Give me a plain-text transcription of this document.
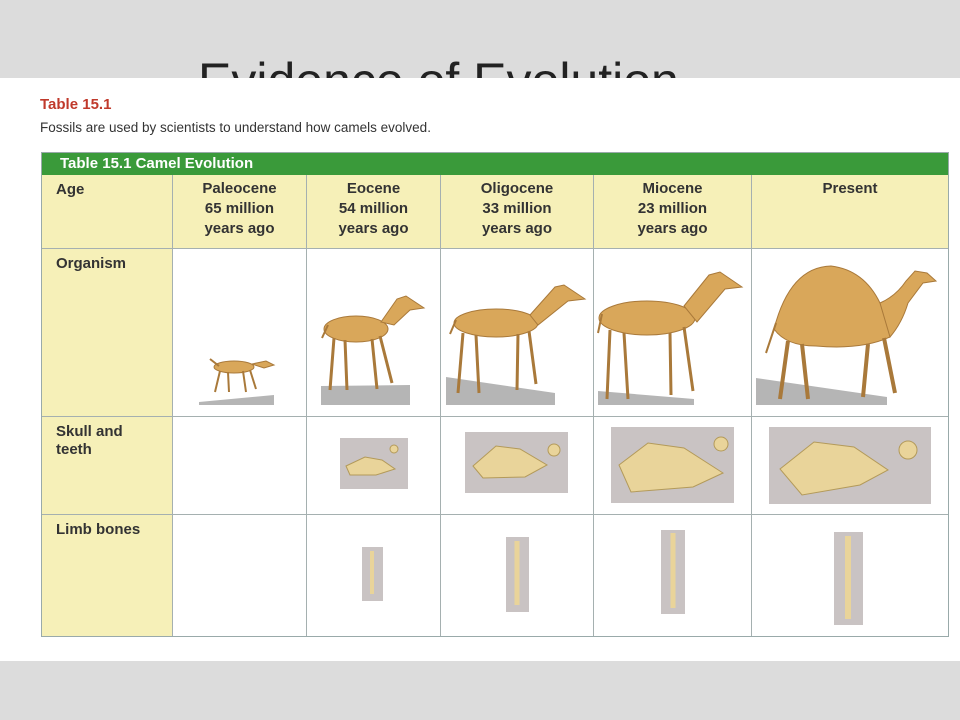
Table 15.1
Fossils are used by scientists to understand how camels evolved.
Table 15.1 Camel Evolution
Age	Paleocene
65 million
years ago
Eocene
54 million
years ago
Oligocene
33 million
years ago
Miocene
23 million
years ago
Present
Organism
Skull and
teeth
Limb bones
